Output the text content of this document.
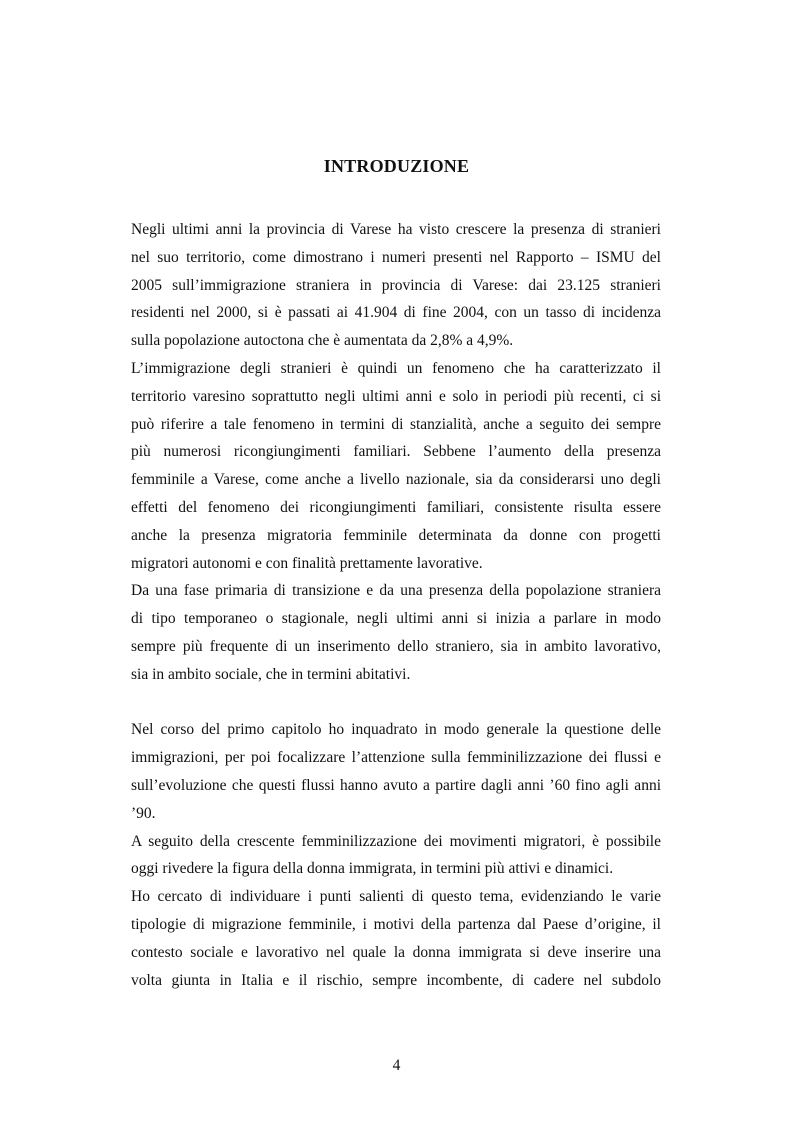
INTRODUZIONE
Negli ultimi anni la provincia di Varese ha visto crescere la presenza di stranieri
nel suo territorio, come dimostrano i numeri presenti nel Rapporto – ISMU del
2005 sull’immigrazione straniera in provincia di Varese: dai 23.125 stranieri
residenti nel 2000, si è passati ai 41.904 di fine 2004, con un tasso di incidenza
sulla popolazione autoctona che è aumentata da 2,8% a 4,9%.
L’immigrazione degli stranieri è quindi un fenomeno che ha caratterizzato il
territorio varesino soprattutto negli ultimi anni e solo in periodi più recenti, ci si
può riferire a tale fenomeno in termini di stanzialità, anche a seguito dei sempre
più numerosi ricongiungimenti familiari. Sebbene l’aumento della presenza
femminile a Varese, come anche a livello nazionale, sia da considerarsi uno degli
effetti del fenomeno dei ricongiungimenti familiari, consistente risulta essere
anche la presenza migratoria femminile determinata da donne con progetti
migratori autonomi e con finalità prettamente lavorative.
Da una fase primaria di transizione e da una presenza della popolazione straniera
di tipo temporaneo o stagionale, negli ultimi anni si inizia a parlare in modo
sempre più frequente di un inserimento dello straniero, sia in ambito lavorativo,
sia in ambito sociale, che in termini abitativi.
Nel corso del primo capitolo ho inquadrato in modo generale la questione delle
immigrazioni, per poi focalizzare l’attenzione sulla femminilizzazione dei flussi e
sull’evoluzione che questi flussi hanno avuto a partire dagli anni ’60 fino agli anni
’90.
A seguito della crescente femminilizzazione dei movimenti migratori, è possibile
oggi rivedere la figura della donna immigrata, in termini più attivi e dinamici.
Ho cercato di individuare i punti salienti di questo tema, evidenziando le varie
tipologie di migrazione femminile, i motivi della partenza dal Paese d’origine, il
contesto sociale e lavorativo nel quale la donna immigrata si deve inserire una
volta giunta in Italia e il rischio, sempre incombente, di cadere nel subdolo
4
